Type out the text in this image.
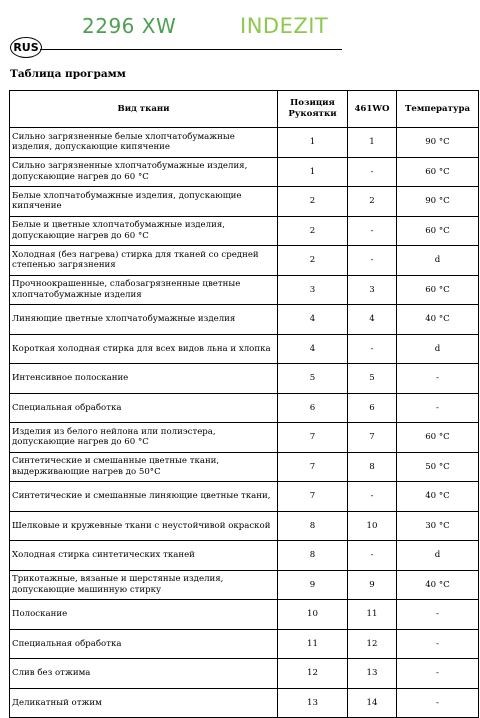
2296 XW	INDEZIT
RUS
Таблица программ
Вид ткани	Позиция Рукоятки	461WO	Температура
Сильно загрязненные белые хлопчатобумажные изделия, допускающие кипячение	1	1	90 °C
Сильно загрязненные хлопчатобумажные изделия, допускающие нагрев до 60 °C	1	-	60 °C
Белые хлопчатобумажные изделия, допускающие кипячение	2	2	90 °C
Белые и цветные хлопчатобумажные изделия, допускающие нагрев до 60 °C	2	-	60 °C
Холодная (без нагрева) стирка для тканей со средней степенью загрязнения	2	-	d
Прочноокрашенные, слабозагрязненные цветные хлопчатобумажные изделия	3	3	60 °C
Линяющие цветные хлопчатобумажные изделия	4	4	40 °C
Короткая холодная стирка для всех видов льна и хлопка	4	-	d
Интенсивное полоскание	5	5	-
Специальная обработка	6	6	-
Изделия из белого нейлона или полиэстера, допускающие нагрев до 60 °C	7	7	60 °C
Синтетические и смешанные цветные ткани, выдерживающие нагрев до 50°C	7	8	50 °C
Синтетические и смешанные линяющие цветные ткани,	7	-	40 °C
Шелковые и кружевные ткани с неустойчивой окраской	8	10	30 °C
Холодная стирка синтетических тканей	8	-	d
Трикотажные, вязаные и шерстяные изделия, допускающие машинную стирку	9	9	40 °C
Полоскание	10	11	-
Специальная обработка	11	12	-
Слив без отжима	12	13	-
Деликатный отжим	13	14	-
